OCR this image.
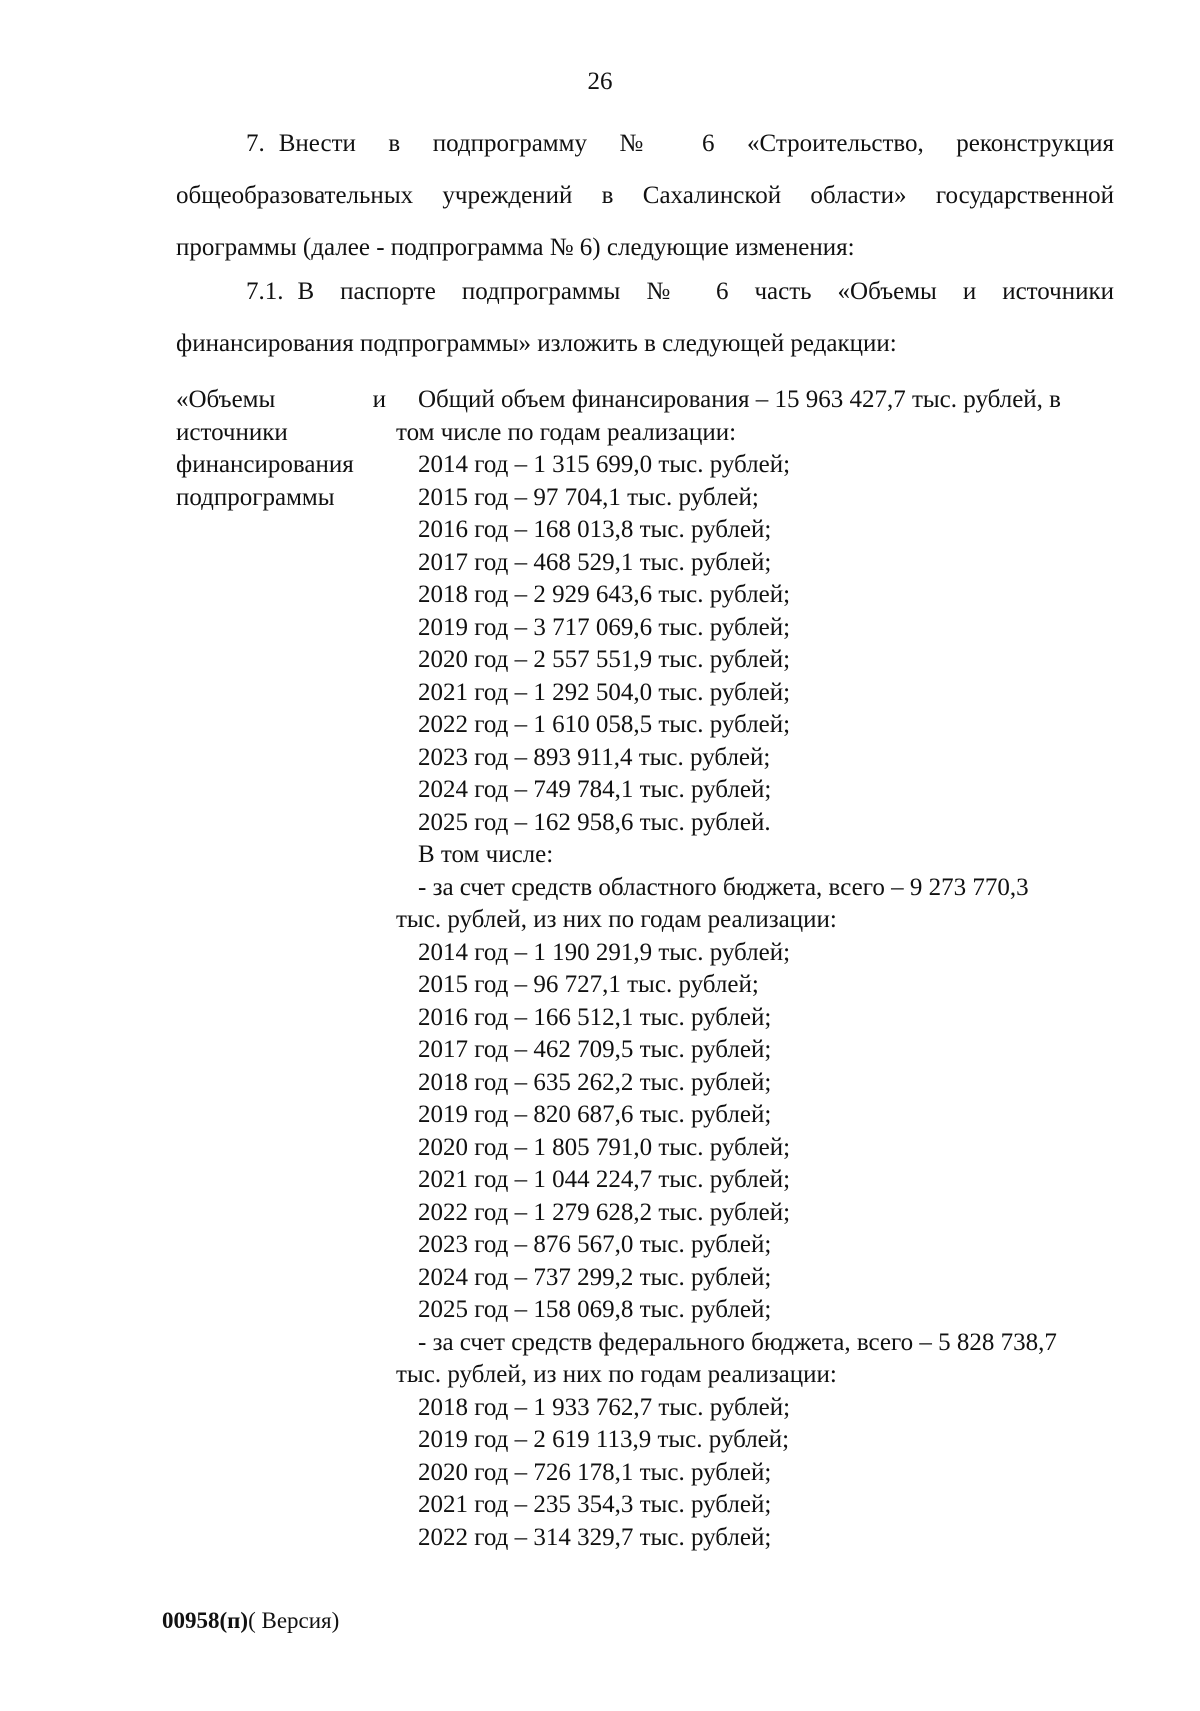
26
7. Внести в подпрограмму № 6 «Строительство, реконструкция общеобразовательных учреждений в Сахалинской области» государственной программы (далее - подпрограмма № 6) следующие изменения:
7.1. В паспорте подпрограммы № 6 часть «Объемы и источники финансирования подпрограммы» изложить в следующей редакции:
«Объемы	и
источники
финансирования
подпрограммы
Общий объем финансирования – 15 963 427,7 тыс. рублей, в
том числе по годам реализации:
2014 год – 1 315 699,0 тыс. рублей;
2015 год – 97 704,1 тыс. рублей;
2016 год – 168 013,8 тыс. рублей;
2017 год – 468 529,1 тыс. рублей;
2018 год – 2 929 643,6 тыс. рублей;
2019 год – 3 717 069,6 тыс. рублей;
2020 год – 2 557 551,9 тыс. рублей;
2021 год – 1 292 504,0 тыс. рублей;
2022 год – 1 610 058,5 тыс. рублей;
2023 год – 893 911,4 тыс. рублей;
2024 год – 749 784,1 тыс. рублей;
2025 год – 162 958,6 тыс. рублей.
В том числе:
- за счет средств областного бюджета, всего – 9 273 770,3
тыс. рублей, из них по годам реализации:
2014 год – 1 190 291,9 тыс. рублей;
2015 год – 96 727,1 тыс. рублей;
2016 год – 166 512,1 тыс. рублей;
2017 год – 462 709,5 тыс. рублей;
2018 год – 635 262,2 тыс. рублей;
2019 год – 820 687,6 тыс. рублей;
2020 год – 1 805 791,0 тыс. рублей;
2021 год – 1 044 224,7 тыс. рублей;
2022 год – 1 279 628,2 тыс. рублей;
2023 год – 876 567,0 тыс. рублей;
2024 год – 737 299,2 тыс. рублей;
2025 год – 158 069,8 тыс. рублей;
- за счет средств федерального бюджета, всего – 5 828 738,7
тыс. рублей, из них по годам реализации:
2018 год – 1 933 762,7 тыс. рублей;
2019 год – 2 619 113,9 тыс. рублей;
2020 год – 726 178,1 тыс. рублей;
2021 год – 235 354,3 тыс. рублей;
2022 год – 314 329,7 тыс. рублей;
00958(п)( Версия)
